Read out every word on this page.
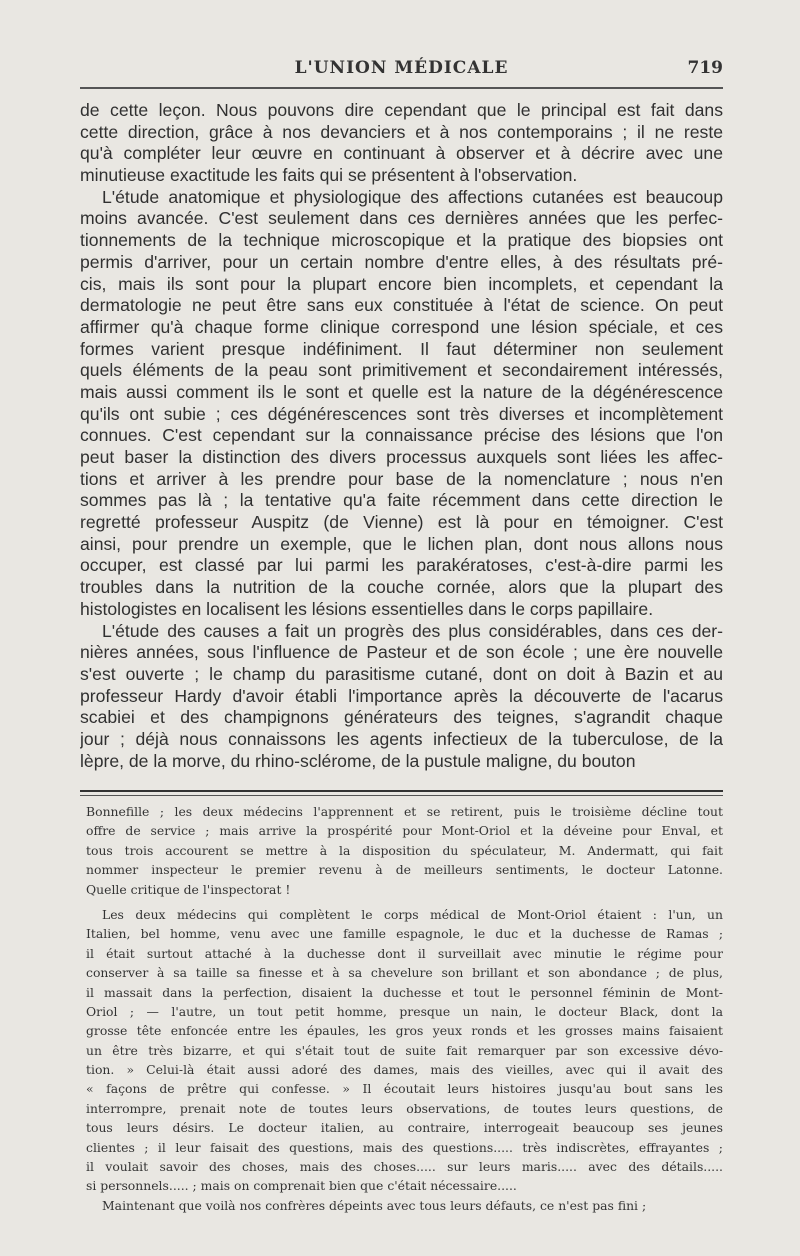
L'UNION MÉDICALE	719
de cette leçon. Nous pouvons dire cependant que le principal est fait dans
cette direction, grâce à nos devanciers et à nos contemporains ; il ne reste
qu'à compléter leur œuvre en continuant à observer et à décrire avec une
minutieuse exactitude les faits qui se présentent à l'observation.
L'étude anatomique et physiologique des affections cutanées est beaucoup
moins avancée. C'est seulement dans ces dernières années que les perfec-
tionnements de la technique microscopique et la pratique des biopsies ont
permis d'arriver, pour un certain nombre d'entre elles, à des résultats pré-
cis, mais ils sont pour la plupart encore bien incomplets, et cependant la
dermatologie ne peut être sans eux constituée à l'état de science. On peut
affirmer qu'à chaque forme clinique correspond une lésion spéciale, et ces
formes varient presque indéfiniment. Il faut déterminer non seulement
quels éléments de la peau sont primitivement et secondairement intéressés,
mais aussi comment ils le sont et quelle est la nature de la dégénérescence
qu'ils ont subie ; ces dégénérescences sont très diverses et incomplètement
connues. C'est cependant sur la connaissance précise des lésions que l'on
peut baser la distinction des divers processus auxquels sont liées les affec-
tions et arriver à les prendre pour base de la nomenclature ; nous n'en
sommes pas là ; la tentative qu'a faite récemment dans cette direction le
regretté professeur Auspitz (de Vienne) est là pour en témoigner. C'est
ainsi, pour prendre un exemple, que le lichen plan, dont nous allons nous
occuper, est classé par lui parmi les parakératoses, c'est-à-dire parmi les
troubles dans la nutrition de la couche cornée, alors que la plupart des
histologistes en localisent les lésions essentielles dans le corps papillaire.
L'étude des causes a fait un progrès des plus considérables, dans ces der-
nières années, sous l'influence de Pasteur et de son école ; une ère nouvelle
s'est ouverte ; le champ du parasitisme cutané, dont on doit à Bazin et au
professeur Hardy d'avoir établi l'importance après la découverte de l'acarus
scabiei et des champignons générateurs des teignes, s'agrandit chaque
jour ; déjà nous connaissons les agents infectieux de la tuberculose, de la
lèpre, de la morve, du rhino-sclérome, de la pustule maligne, du bouton
Bonnefille ; les deux médecins l'apprennent et se retirent, puis le troisième décline tout
offre de service ; mais arrive la prospérité pour Mont-Oriol et la déveine pour Enval, et
tous trois accourent se mettre à la disposition du spéculateur, M. Andermatt, qui fait
nommer inspecteur le premier revenu à de meilleurs sentiments, le docteur Latonne.
Quelle critique de l'inspectorat !
Les deux médecins qui complètent le corps médical de Mont-Oriol étaient : l'un, un
Italien, bel homme, venu avec une famille espagnole, le duc et la duchesse de Ramas ;
il était surtout attaché à la duchesse dont il surveillait avec minutie le régime pour
conserver à sa taille sa finesse et à sa chevelure son brillant et son abondance ; de plus,
il massait dans la perfection, disaient la duchesse et tout le personnel féminin de Mont-
Oriol ; — l'autre, un tout petit homme, presque un nain, le docteur Black, dont la
grosse tête enfoncée entre les épaules, les gros yeux ronds et les grosses mains faisaient
un être très bizarre, et qui s'était tout de suite fait remarquer par son excessive dévo-
tion. » Celui-là était aussi adoré des dames, mais des vieilles, avec qui il avait des
« façons de prêtre qui confesse. » Il écoutait leurs histoires jusqu'au bout sans les
interrompre, prenait note de toutes leurs observations, de toutes leurs questions, de
tous leurs désirs. Le docteur italien, au contraire, interrogeait beaucoup ses jeunes
clientes ; il leur faisait des questions, mais des questions..... très indiscrètes, effrayantes ;
il voulait savoir des choses, mais des choses..... sur leurs maris..... avec des détails.....
si personnels..... ; mais on comprenait bien que c'était nécessaire.....
Maintenant que voilà nos confrères dépeints avec tous leurs défauts, ce n'est pas fini ;
